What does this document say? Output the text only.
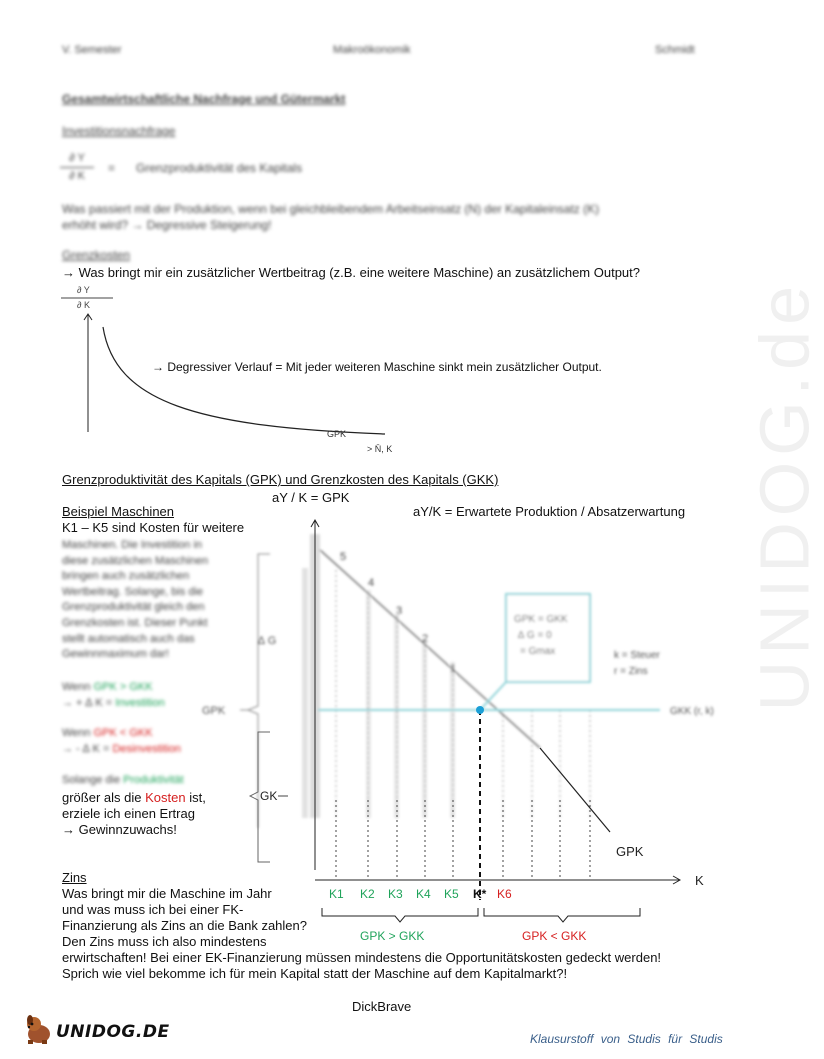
UNIDOG.de
V. Semester	Makroökonomik	Schmidt
Gesamtwirtschaftliche Nachfrage und Gütermarkt
Investitionsnachfrage
∂ Y
∂ K
= Grenzproduktivität des Kapitals
Was passiert mit der Produktion, wenn bei gleichbleibendem Arbeitseinsatz (N) der Kapitaleinsatz (K)
erhöht wird? → Degressive Steigerung!
Grenzkosten
→ Was bringt mir ein zusätzlicher Wertbeitrag (z.B. eine weitere Maschine) an zusätzlichem Output?
∂ Y
∂ K
GPK
> N̄, K
→ Degressiver Verlauf = Mit jeder weiteren Maschine sinkt mein zusätzlicher Output.
Grenzproduktivität des Kapitals (GPK) und Grenzkosten des Kapitals (GKK)
aY / K = GPK
aY/K = Erwartete Produktion / Absatzerwartung
Beispiel Maschinen
K1 – K5 sind Kosten für weitere
Maschinen. Die Investition in
diese zusätzlichen Maschinen
bringen auch zusätzlichen
Wertbeitrag. Solange, bis die
Grenzproduktivität gleich den
Grenzkosten ist. Dieser Punkt
stellt automatisch auch das
Gewinnmaximum dar!
Wenn GPK > GKK
→ + ∆ K = Investition
Wenn GPK < GKK
→ - ∆ K = Desinvestition
Solange die Produktivität
größer als die Kosten ist,
erziele ich einen Ertrag
→ Gewinnzuwachs!
∆ G
GPK	GKK (r, k)
5
4
3
2
1
GPK = GKK
∆ G = 0
= Gmax	k = Steuer
r = Zins
K
GK
GPK
K1 K2 K3 K4 K5 K* K6
GPK > GKK	GPK < GKK
Zins
Was bringt mir die Maschine im Jahr
und was muss ich bei einer FK-
Finanzierung als Zins an die Bank zahlen?
Den Zins muss ich also mindestens
erwirtschaften! Bei einer EK-Finanzierung müssen mindestens die Opportunitätskosten gedeckt werden!
Sprich wie viel bekomme ich für mein Kapital statt der Maschine auf dem Kapitalmarkt?!
DickBrave
UNIDOG.DE	Klausurstoff von Studis für Studis
